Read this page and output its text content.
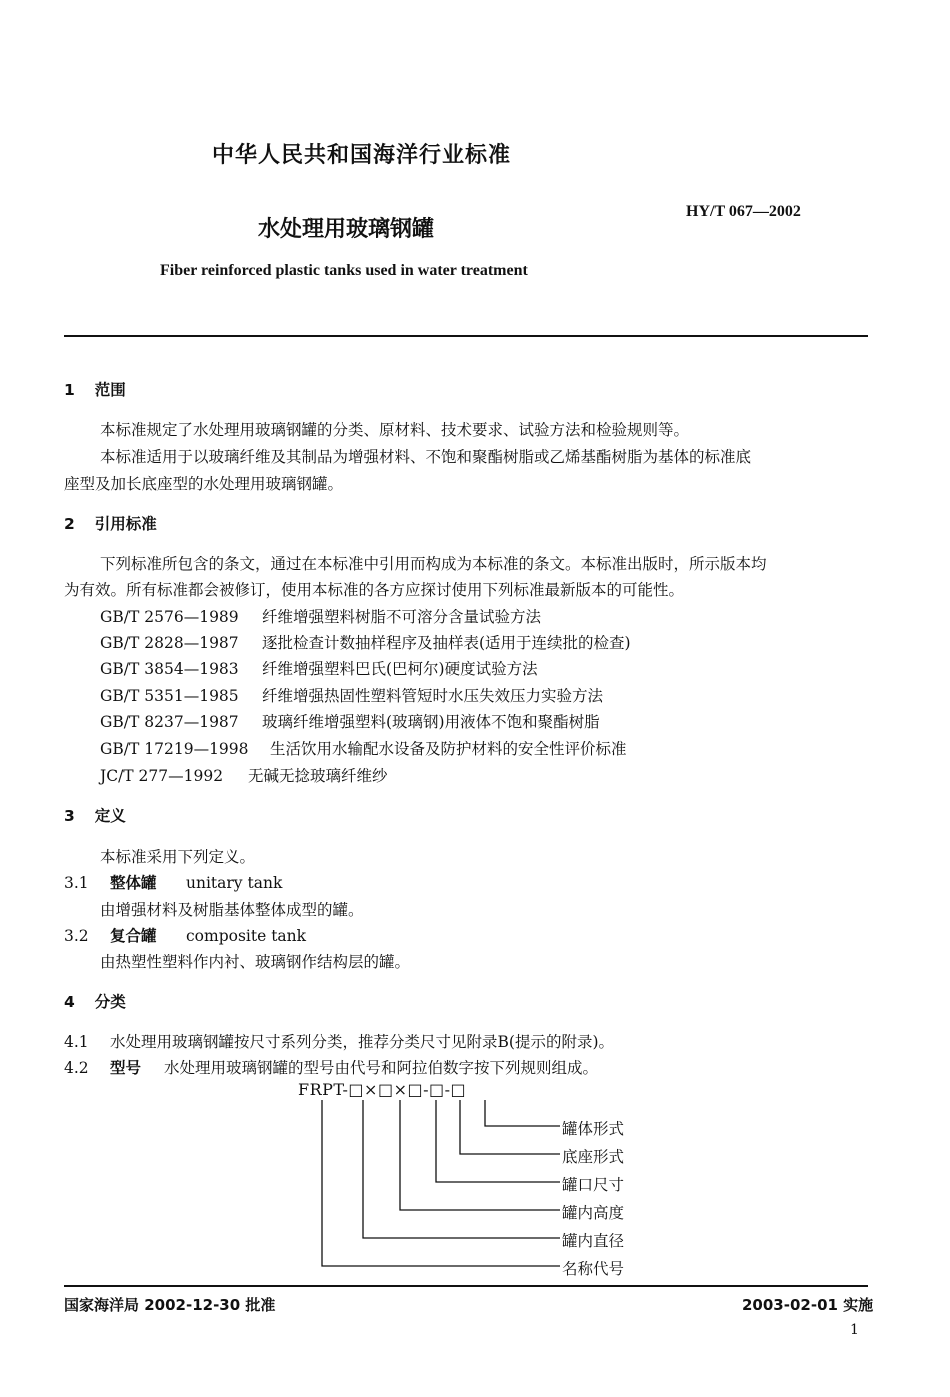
中华人民共和国海洋行业标准
HY/T 067—2002
水处理用玻璃钢罐
Fiber reinforced plastic tanks used in water treatment
1 范围
本标准规定了水处理用玻璃钢罐的分类、原材料、技术要求、试验方法和检验规则等。
本标准适用于以玻璃纤维及其制品为增强材料、不饱和聚酯树脂或乙烯基酯树脂为基体的标准底
座型及加长底座型的水处理用玻璃钢罐。
2 引用标准
下列标准所包含的条文，通过在本标准中引用而构成为本标准的条文。本标准出版时，所示版本均
为有效。所有标准都会被修订，使用本标准的各方应探讨使用下列标准最新版本的可能性。
GB/T 2576—1989 纤维增强塑料树脂不可溶分含量试验方法
GB/T 2828—1987 逐批检查计数抽样程序及抽样表(适用于连续批的检查)
GB/T 3854—1983 纤维增强塑料巴氏(巴柯尔)硬度试验方法
GB/T 5351—1985 纤维增强热固性塑料管短时水压失效压力实验方法
GB/T 8237—1987 玻璃纤维增强塑料(玻璃钢)用液体不饱和聚酯树脂
GB/T 17219—1998 生活饮用水输配水设备及防护材料的安全性评价标准
JC/T 277—1992 无碱无捻玻璃纤维纱
3 定义
本标准采用下列定义。
3.1 整体罐 unitary tank
由增强材料及树脂基体整体成型的罐。
3.2 复合罐 composite tank
由热塑性塑料作内衬、玻璃钢作结构层的罐。
4 分类
4.1 水处理用玻璃钢罐按尺寸系列分类，推荐分类尺寸见附录B(提示的附录)。
4.2 型号 水处理用玻璃钢罐的型号由代号和阿拉伯数字按下列规则组成。
FRPT-□×□×□-□-□
罐体形式
底座形式
罐口尺寸
罐内高度
罐内直径
名称代号
国家海洋局 2002-12-30 批准	2003-02-01 实施
1
